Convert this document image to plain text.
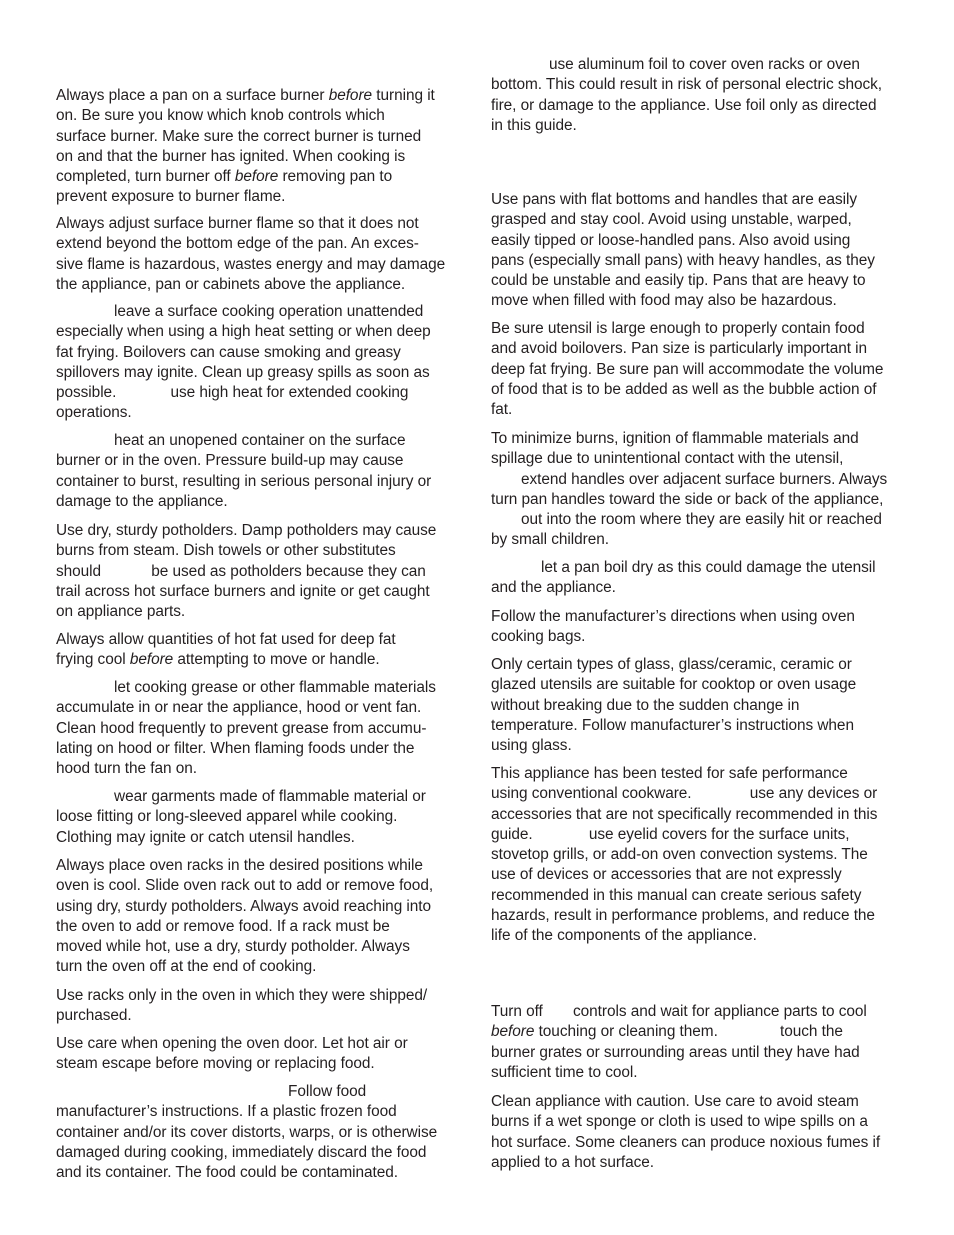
Always place a pan on a surface burner before turning it
on. Be sure you know which knob controls which
surface burner. Make sure the correct burner is turned
on and that the burner has ignited. When cooking is
completed, turn burner off before removing pan to
prevent exposure to burner flame.

Always adjust surface burner flame so that it does not
extend beyond the bottom edge of the pan. An exces-
sive flame is hazardous, wastes energy and may damage
the appliance, pan or cabinets above the appliance.

leave a surface cooking operation unattended
especially when using a high heat setting or when deep
fat frying. Boilovers can cause smoking and greasy
spillovers may ignite. Clean up greasy spills as soon as
possible.	use high heat for extended cooking
operations.

heat an unopened container on the surface
burner or in the oven. Pressure build-up may cause
container to burst, resulting in serious personal injury or
damage to the appliance.

Use dry, sturdy potholders. Damp potholders may cause
burns from steam. Dish towels or other substitutes
should	be used as potholders because they can
trail across hot surface burners and ignite or get caught
on appliance parts.

Always allow quantities of hot fat used for deep fat
frying cool before attempting to move or handle.

let cooking grease or other flammable materials
accumulate in or near the appliance, hood or vent fan.
Clean hood frequently to prevent grease from accumu-
lating on hood or filter. When flaming foods under the
hood turn the fan on.

wear garments made of flammable material or
loose fitting or long-sleeved apparel while cooking.
Clothing may ignite or catch utensil handles.

Always place oven racks in the desired positions while
oven is cool. Slide oven rack out to add or remove food,
using dry, sturdy potholders. Always avoid reaching into
the oven to add or remove food. If a rack must be
moved while hot, use a dry, sturdy potholder. Always
turn the oven off at the end of cooking.

Use racks only in the oven in which they were shipped/
purchased.

Use care when opening the oven door. Let hot air or
steam escape before moving or replacing food.

Follow food
manufacturer’s instructions. If a plastic frozen food
container and/or its cover distorts, warps, or is otherwise
damaged during cooking, immediately discard the food
and its container. The food could be contaminated.

use aluminum foil to cover oven racks or oven
bottom. This could result in risk of personal electric shock,
fire, or damage to the appliance. Use foil only as directed
in this guide.

Use pans with flat bottoms and handles that are easily
grasped and stay cool. Avoid using unstable, warped,
easily tipped or loose-handled pans. Also avoid using
pans (especially small pans) with heavy handles, as they
could be unstable and easily tip. Pans that are heavy to
move when filled with food may also be hazardous.

Be sure utensil is large enough to properly contain food
and avoid boilovers. Pan size is particularly important in
deep fat frying. Be sure pan will accommodate the volume
of food that is to be added as well as the bubble action of
fat.

To minimize burns, ignition of flammable materials and
spillage due to unintentional contact with the utensil,
extend handles over adjacent surface burners. Always
turn pan handles toward the side or back of the appliance,
out into the room where they are easily hit or reached
by small children.

let a pan boil dry as this could damage the utensil
and the appliance.

Follow the manufacturer’s directions when using oven
cooking bags.

Only certain types of glass, glass/ceramic, ceramic or
glazed utensils are suitable for cooktop or oven usage
without breaking due to the sudden change in
temperature. Follow manufacturer’s instructions when
using glass.

This appliance has been tested for safe performance
using conventional cookware.	use any devices or
accessories that are not specifically recommended in this
guide.	use eyelid covers for the surface units,
stovetop grills, or add-on oven convection systems. The
use of devices or accessories that are not expressly
recommended in this manual can create serious safety
hazards, result in performance problems, and reduce the
life of the components of the appliance.

Turn off controls and wait for appliance parts to cool
before touching or cleaning them.	touch the
burner grates or surrounding areas until they have had
sufficient time to cool.

Clean appliance with caution. Use care to avoid steam
burns if a wet sponge or cloth is used to wipe spills on a
hot surface. Some cleaners can produce noxious fumes if
applied to a hot surface.
